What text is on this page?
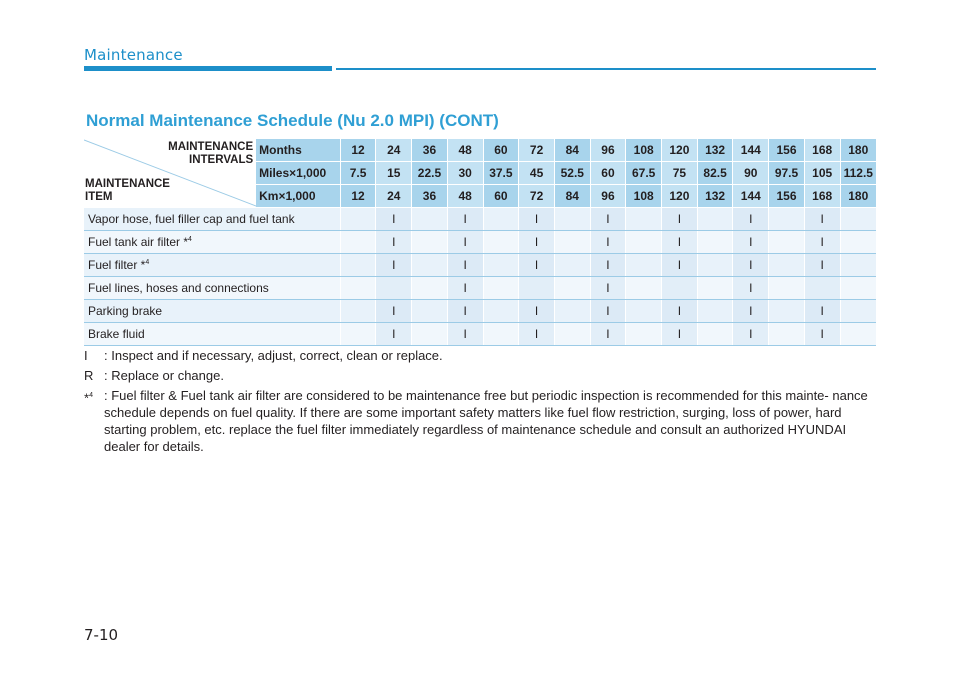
Maintenance
Normal Maintenance Schedule (Nu 2.0 MPI) (CONT)
MAINTENANCE
INTERVALS
MAINTENANCE
ITEM	Months	12	24	36	48	60	72	84	96	108	120	132	144	156	168	180
	Miles×1,000	7.5	15	22.5	30	37.5	45	52.5	60	67.5	75	82.5	90	97.5	105	112.5
	Km×1,000	12	24	36	48	60	72	84	96	108	120	132	144	156	168	180
Vapor hose, fuel filler cap and fuel tank			I		I		I		I		I		I		I	
Fuel tank air filter *$^4$			I		I		I		I		I		I		I	
Fuel filter *$^4$			I		I		I		I		I		I		I	
Fuel lines, hoses and connections					I				I				I			
Parking brake			I		I		I		I		I		I		I	
Brake fluid			I		I		I		I		I		I		I	
I	: Inspect and if necessary, adjust, correct, clean or replace.
R : Replace or change.
*$^4$ : Fuel filter & Fuel tank air filter are considered to be maintenance free but periodic inspection is recommended for this mainte- nance schedule depends on fuel quality. If there are some important safety matters like fuel flow restriction, surging, loss of power, hard starting problem, etc. replace the fuel filter immediately regardless of maintenance schedule and consult an authorized HYUNDAI dealer for details.
7-10
